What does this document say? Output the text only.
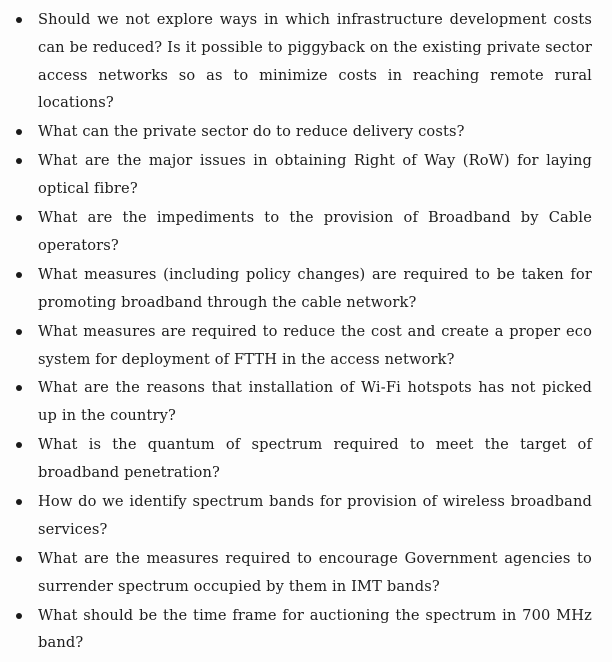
Should we not explore ways in which infrastructure development costs can be reduced? Is it possible to piggyback on the existing private sector access networks so as to minimize costs in reaching remote rural locations?
What can the private sector do to reduce delivery costs?
What are the major issues in obtaining Right of Way (RoW) for laying optical fibre?
What are the impediments to the provision of Broadband by Cable operators?
What measures (including policy changes) are required to be taken for promoting broadband through the cable network?
What measures are required to reduce the cost and create a proper eco system for deployment of FTTH in the access network?
What are the reasons that installation of Wi-Fi hotspots has not picked up in the country?
What is the quantum of spectrum required to meet the target of broadband penetration?
How do we identify spectrum bands for provision of wireless broadband services?
What are the measures required to encourage Government agencies to surrender spectrum occupied by them in IMT bands?
What should be the time frame for auctioning the spectrum in 700 MHz band?
